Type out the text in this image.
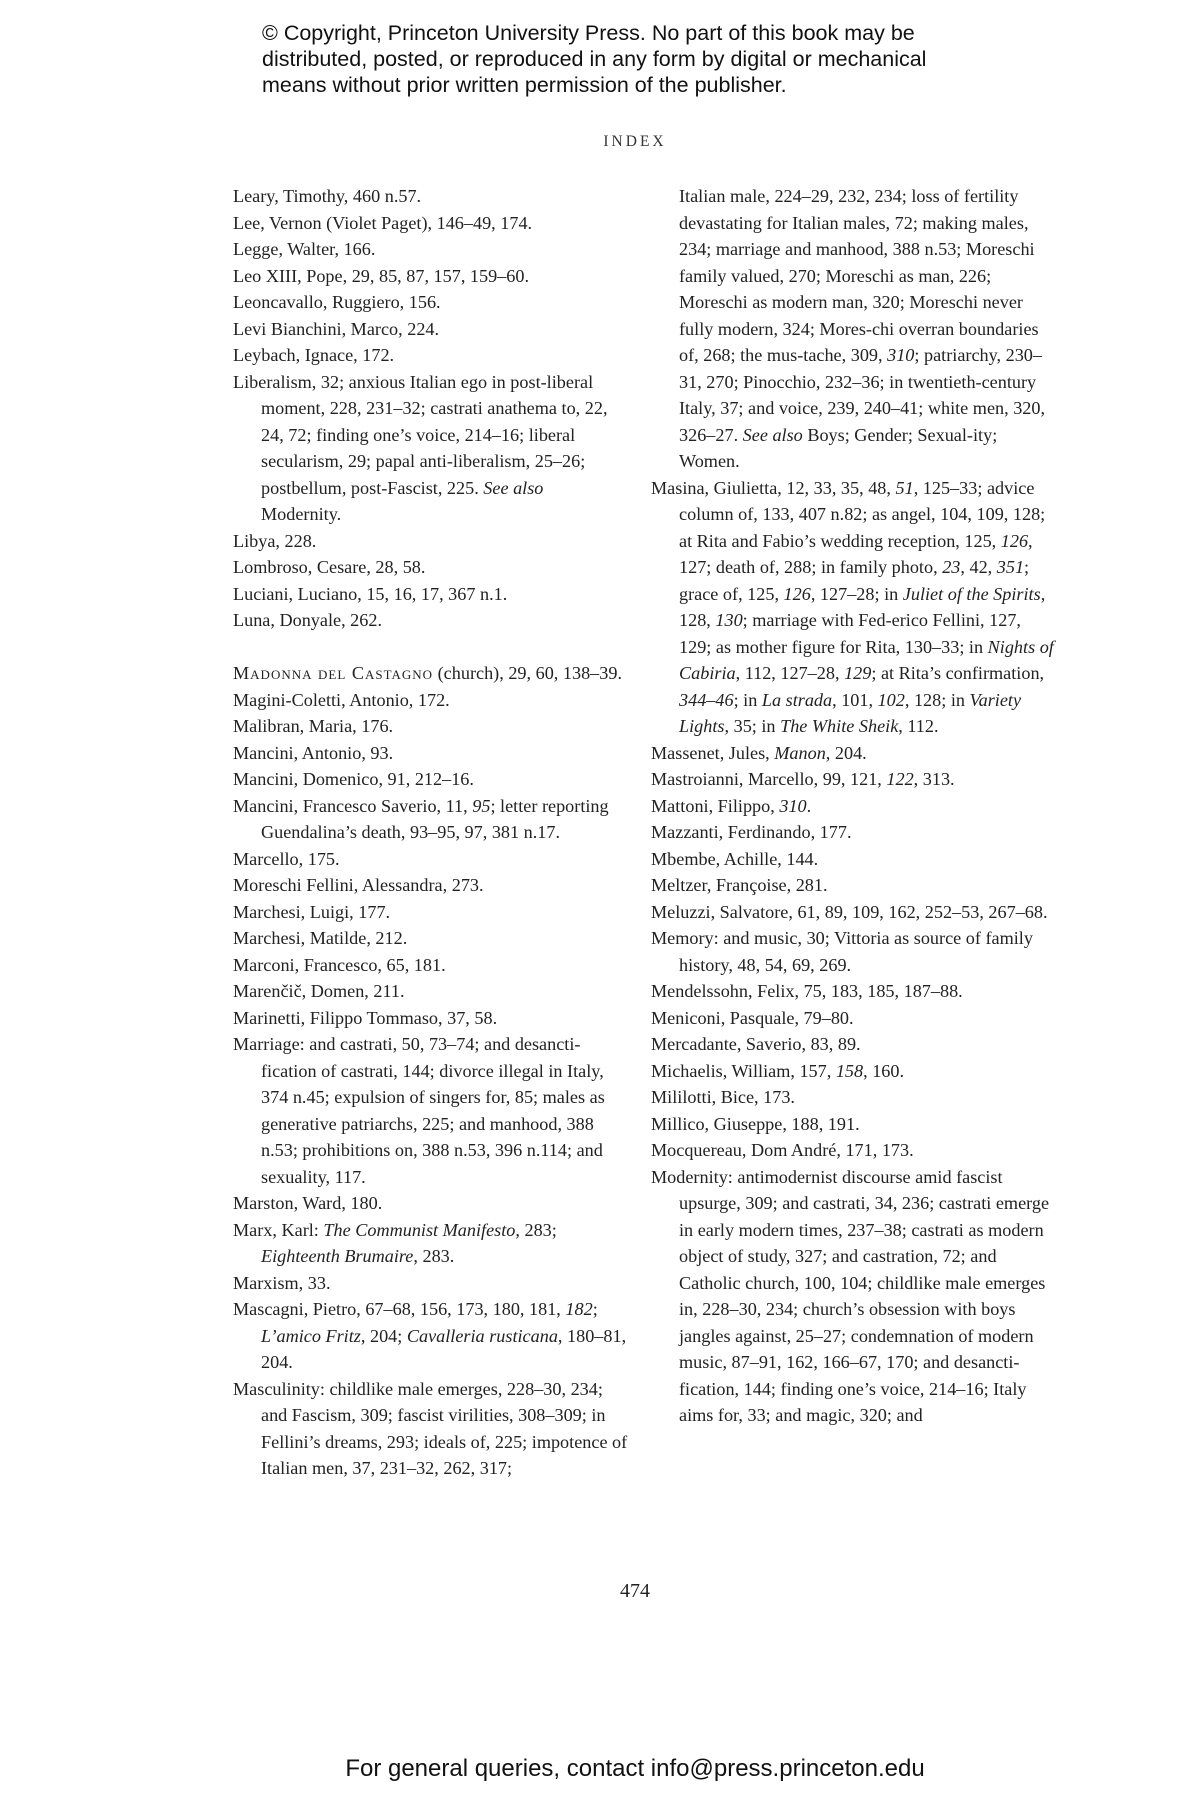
© Copyright, Princeton University Press. No part of this book may be
distributed, posted, or reproduced in any form by digital or mechanical
means without prior written permission of the publisher.
INDEX

Leary, Timothy, 460 n.57.

Lee, Vernon (Violet Paget), 146–49, 174.

Legge, Walter, 166.

Leo XIII, Pope, 29, 85, 87, 157, 159–60.

Leoncavallo, Ruggiero, 156.

Levi Bianchini, Marco, 224.

Leybach, Ignace, 172.

Liberalism, 32; anxious Italian ego in post-liberal moment, 228, 231–32; castrati anathema to, 22, 24, 72; finding one’s voice, 214–16; liberal secularism, 29; papal anti-liberalism, 25–26; postbellum, post-Fascist, 225. See also Modernity.

Libya, 228.

Lombroso, Cesare, 28, 58.

Luciani, Luciano, 15, 16, 17, 367 n.1.

Luna, Donyale, 262.

Madonna del Castagno (church), 29, 60, 138–39.

Magini-Coletti, Antonio, 172.

Malibran, Maria, 176.

Mancini, Antonio, 93.

Mancini, Domenico, 91, 212–16.

Mancini, Francesco Saverio, 11, 95; letter reporting Guendalina’s death, 93–95, 97, 381 n.17.

Marcello, 175.

Moreschi Fellini, Alessandra, 273.

Marchesi, Luigi, 177.

Marchesi, Matilde, 212.

Marconi, Francesco, 65, 181.

Marenčič, Domen, 211.

Marinetti, Filippo Tommaso, 37, 58.

Marriage: and castrati, 50, 73–74; and desancti-fication of castrati, 144; divorce illegal in Italy, 374 n.45; expulsion of singers for, 85; males as generative patriarchs, 225; and manhood, 388 n.53; prohibitions on, 388 n.53, 396 n.114; and sexuality, 117.

Marston, Ward, 180.

Marx, Karl: The Communist Manifesto, 283; Eighteenth Brumaire, 283.

Marxism, 33.

Mascagni, Pietro, 67–68, 156, 173, 180, 181, 182; L’amico Fritz, 204; Cavalleria rusticana, 180–81, 204.

Masculinity: childlike male emerges, 228–30, 234; and Fascism, 309; fascist virilities, 308–309; in Fellini’s dreams, 293; ideals of, 225; impotence of Italian men, 37, 231–32, 262, 317;

Italian male, 224–29, 232, 234; loss of fertility devastating for Italian males, 72; making males, 234; marriage and manhood, 388 n.53; Moreschi family valued, 270; Moreschi as man, 226; Moreschi as modern man, 320; Moreschi never fully modern, 324; Mores-chi overran boundaries of, 268; the mus-tache, 309, 310; patriarchy, 230–31, 270; Pinocchio, 232–36; in twentieth-century Italy, 37; and voice, 239, 240–41; white men, 320, 326–27. See also Boys; Gender; Sexual-ity; Women.

Masina, Giulietta, 12, 33, 35, 48, 51, 125–33; advice column of, 133, 407 n.82; as angel, 104, 109, 128; at Rita and Fabio’s wedding reception, 125, 126, 127; death of, 288; in family photo, 23, 42, 351; grace of, 125, 126, 127–28; in Juliet of the Spirits, 128, 130; marriage with Fed-erico Fellini, 127, 129; as mother figure for Rita, 130–33; in Nights of Cabiria, 112, 127–28, 129; at Rita’s confirmation, 344–46; in La strada, 101, 102, 128; in Variety Lights, 35; in The White Sheik, 112.

Massenet, Jules, Manon, 204.

Mastroianni, Marcello, 99, 121, 122, 313.

Mattoni, Filippo, 310.

Mazzanti, Ferdinando, 177.

Mbembe, Achille, 144.

Meltzer, Françoise, 281.

Meluzzi, Salvatore, 61, 89, 109, 162, 252–53, 267–68.

Memory: and music, 30; Vittoria as source of family history, 48, 54, 69, 269.

Mendelssohn, Felix, 75, 183, 185, 187–88.

Meniconi, Pasquale, 79–80.

Mercadante, Saverio, 83, 89.

Michaelis, William, 157, 158, 160.

Mililotti, Bice, 173.

Millico, Giuseppe, 188, 191.

Mocquereau, Dom André, 171, 173.

Modernity: antimodernist discourse amid fascist upsurge, 309; and castrati, 34, 236; castrati emerge in early modern times, 237–38; castrati as modern object of study, 327; and castration, 72; and Catholic church, 100, 104; childlike male emerges in, 228–30, 234; church’s obsession with boys jangles against, 25–27; condemnation of modern music, 87–91, 162, 166–67, 170; and desancti-fication, 144; finding one’s voice, 214–16; Italy aims for, 33; and magic, 320; and

474
For general queries, contact info@press.princeton.edu
